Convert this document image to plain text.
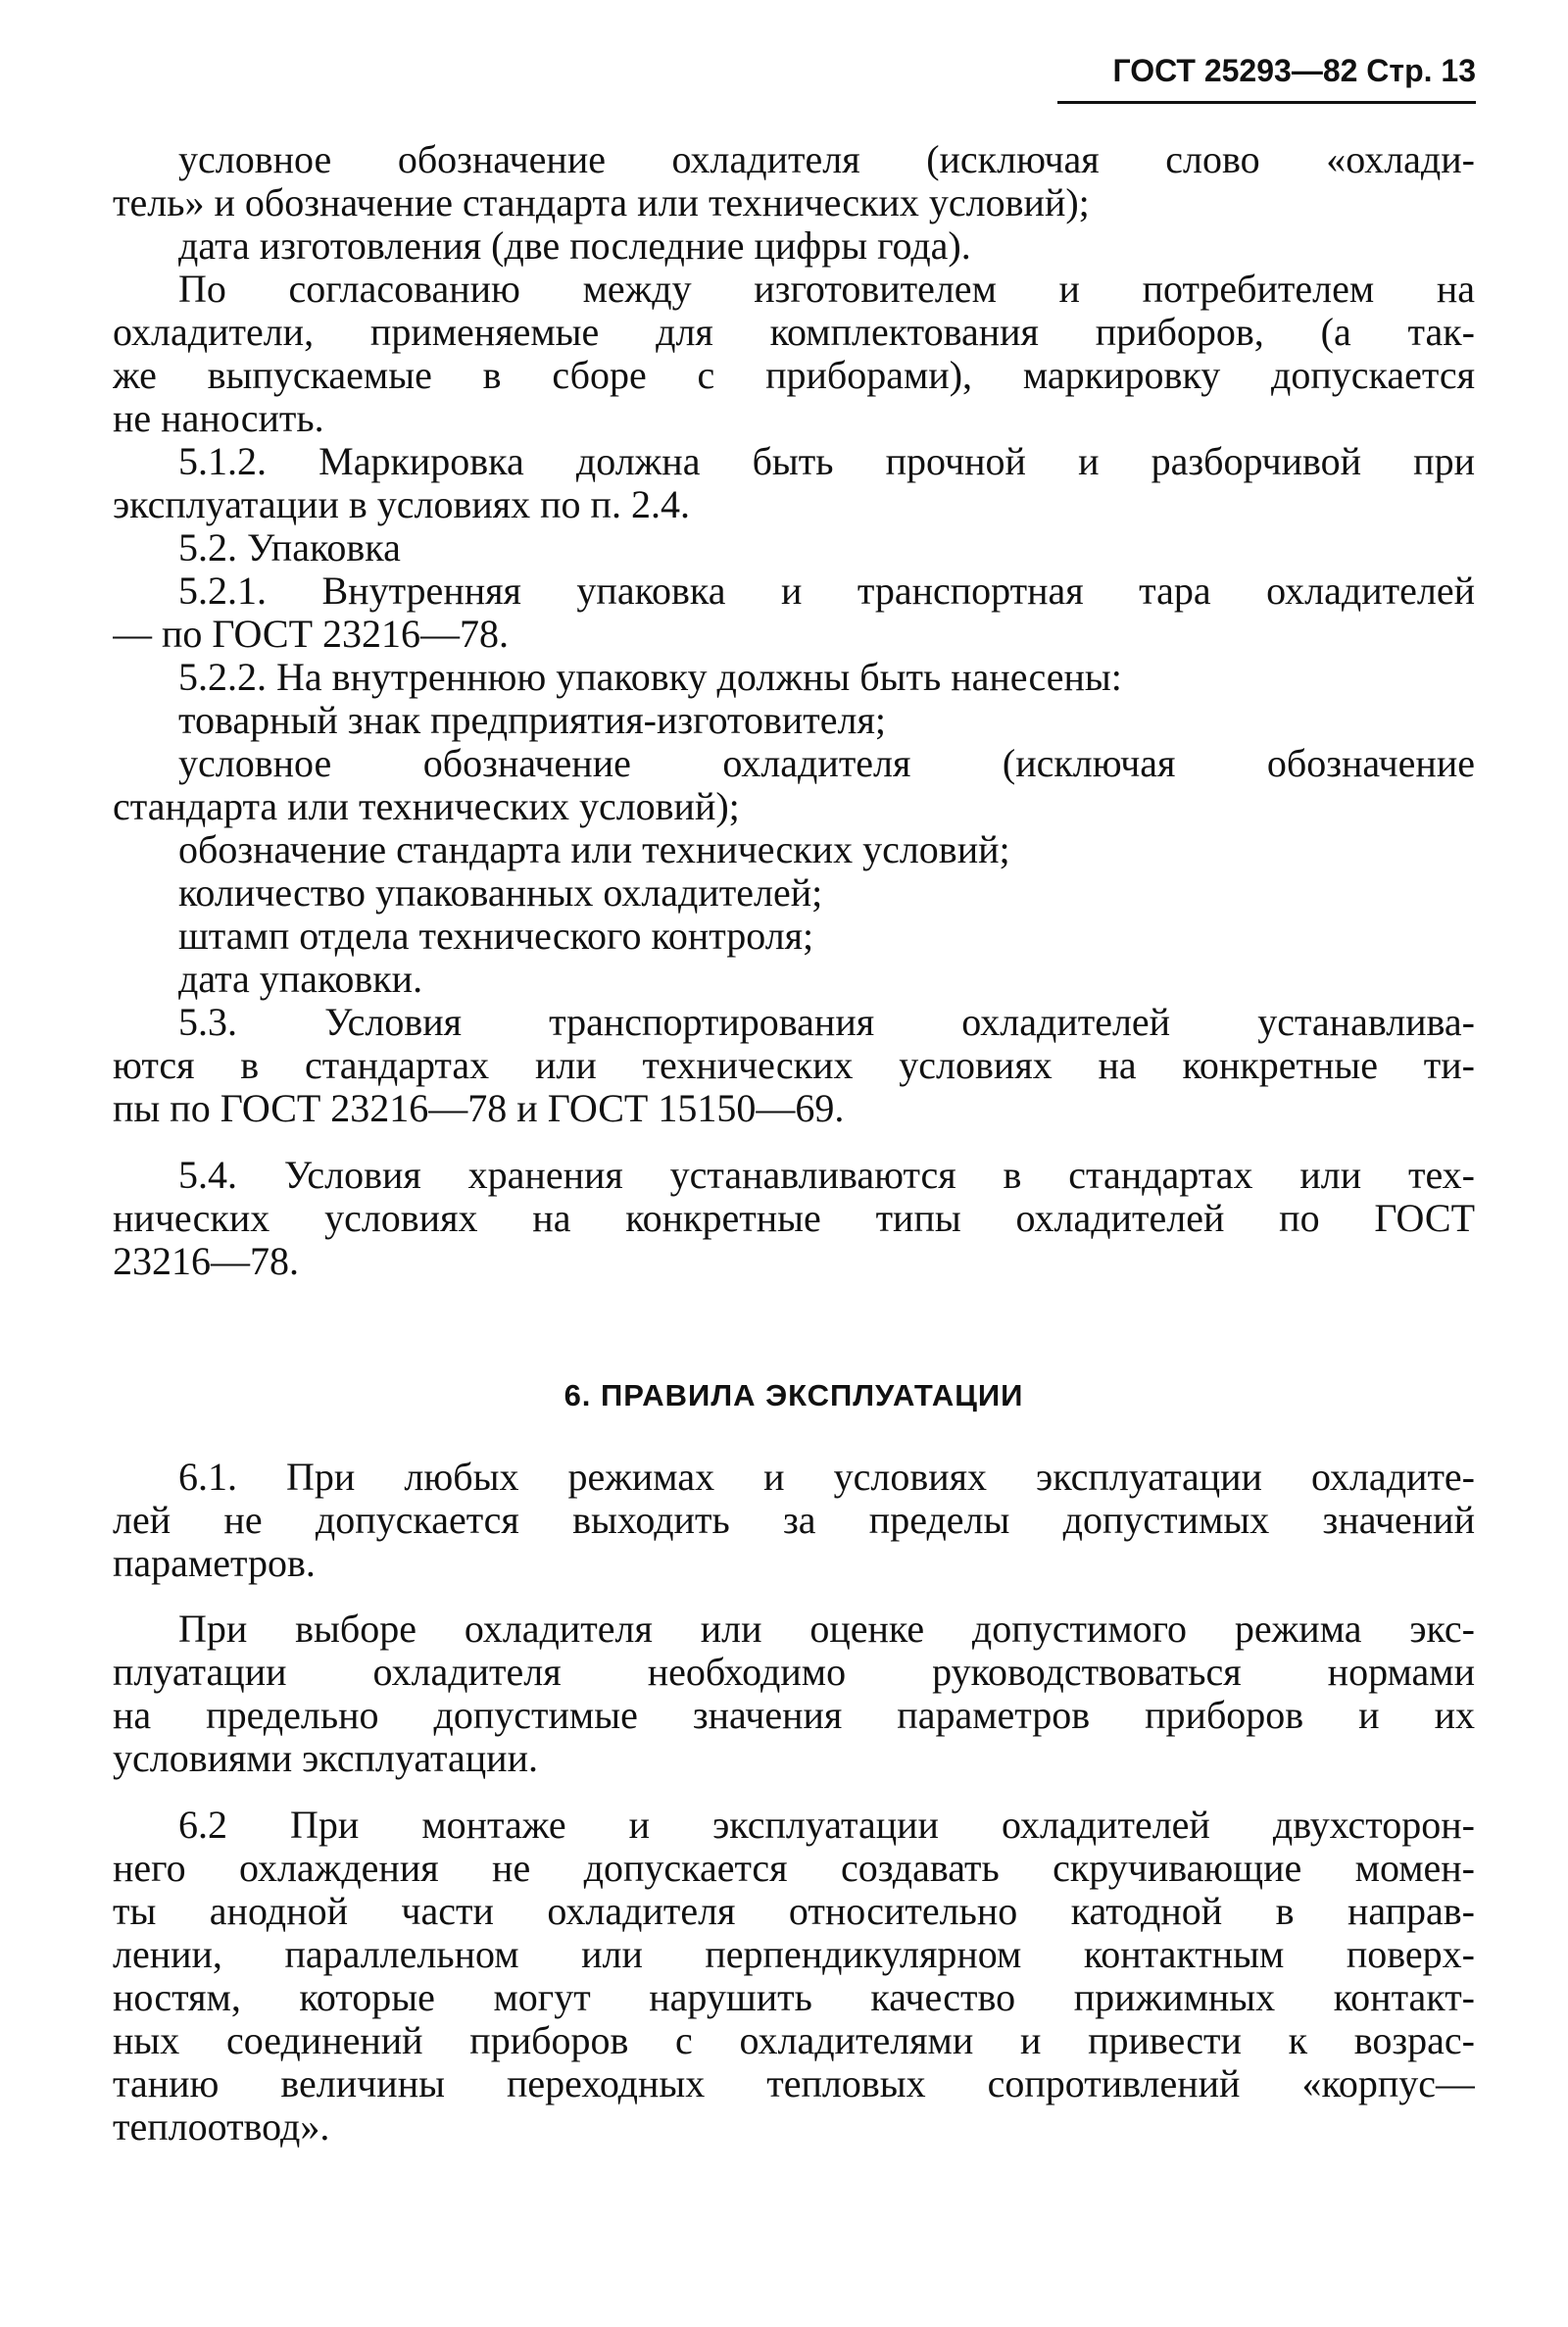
ГОСТ 25293—82 Стр. 13
условное обозначение охладителя (исключая слово «охлади-
тель» и обозначение стандарта или технических условий);
дата изготовления (две последние цифры года).
По согласованию между изготовителем и потребителем на
охладители, применяемые для комплектования приборов, (а так-
же выпускаемые в сборе с приборами), маркировку допускается
не наносить.
5.1.2. Маркировка должна быть прочной и разборчивой при
эксплуатации в условиях по п. 2.4.
5.2. Упаковка
5.2.1. Внутренняя упаковка и транспортная тара охладителей
— по ГОСТ 23216—78.
5.2.2. На внутреннюю упаковку должны быть нанесены:
товарный знак предприятия-изготовителя;
условное обозначение охладителя (исключая обозначение
стандарта или технических условий);
обозначение стандарта или технических условий;
количество упакованных охладителей;
штамп отдела технического контроля;
дата упаковки.
5.3. Условия транспортирования охладителей устанавлива-
ются в стандартах или технических условиях на конкретные ти-
пы по ГОСТ 23216—78 и ГОСТ 15150—69.
5.4. Условия хранения устанавливаются в стандартах или тех-
нических условиях на конкретные типы охладителей по ГОСТ
23216—78.
6. ПРАВИЛА ЭКСПЛУАТАЦИИ
6.1. При любых режимах и условиях эксплуатации охладите-
лей не допускается выходить за пределы допустимых значений
параметров.
При выборе охладителя или оценке допустимого режима экс-
плуатации охладителя необходимо руководствоваться нормами
на предельно допустимые значения параметров приборов и их
условиями эксплуатации.
6.2 При монтаже и эксплуатации охладителей двухсторон-
него охлаждения не допускается создавать скручивающие момен-
ты анодной части охладителя относительно катодной в направ-
лении, параллельном или перпендикулярном контактным поверх-
ностям, которые могут нарушить качество прижимных контакт-
ных соединений приборов с охладителями и привести к возрас-
танию величины переходных тепловых сопротивлений «корпус—
теплоотвод».
